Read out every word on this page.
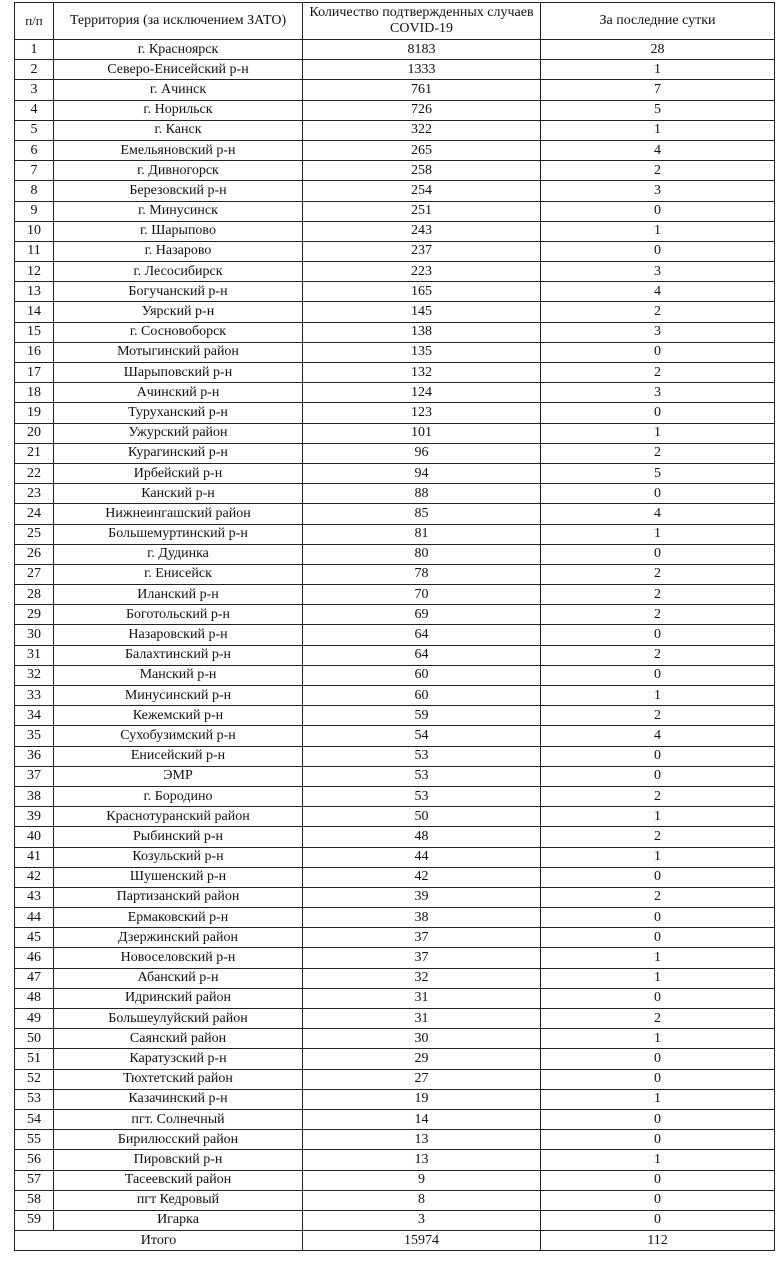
п/п	Территория (за исключением ЗАТО)	Количество подтвержденных случаев COVID-19	За последние сутки
1	г. Красноярск	8183	28
2	Северо-Енисейский р-н	1333	1
3	г. Ачинск	761	7
4	г. Норильск	726	5
5	г. Канск	322	1
6	Емельяновский р-н	265	4
7	г. Дивногорск	258	2
8	Березовский р-н	254	3
9	г. Минусинск	251	0
10	г. Шарыпово	243	1
11	г. Назарово	237	0
12	г. Лесосибирск	223	3
13	Богучанский р-н	165	4
14	Уярский р-н	145	2
15	г. Сосновоборск	138	3
16	Мотыгинский район	135	0
17	Шарыповский р-н	132	2
18	Ачинский р-н	124	3
19	Туруханский р-н	123	0
20	Ужурский район	101	1
21	Курагинский р-н	96	2
22	Ирбейский р-н	94	5
23	Канский р-н	88	0
24	Нижнеингашский район	85	4
25	Большемуртинский р-н	81	1
26	г. Дудинка	80	0
27	г. Енисейск	78	2
28	Иланский р-н	70	2
29	Боготольский р-н	69	2
30	Назаровский р-н	64	0
31	Балахтинский р-н	64	2
32	Манский р-н	60	0
33	Минусинский р-н	60	1
34	Кежемский р-н	59	2
35	Сухобузимский р-н	54	4
36	Енисейский р-н	53	0
37	ЭМР	53	0
38	г. Бородино	53	2
39	Краснотуранский район	50	1
40	Рыбинский р-н	48	2
41	Козульский р-н	44	1
42	Шушенский р-н	42	0
43	Партизанский район	39	2
44	Ермаковский р-н	38	0
45	Дзержинский район	37	0
46	Новоселовский р-н	37	1
47	Абанский р-н	32	1
48	Идринский район	31	0
49	Большеулуйский район	31	2
50	Саянский район	30	1
51	Каратузский р-н	29	0
52	Тюхтетский район	27	0
53	Казачинский р-н	19	1
54	пгт. Солнечный	14	0
55	Бирилюсский район	13	0
56	Пировский р-н	13	1
57	Тасеевский район	9	0
58	пгт Кедровый	8	0
59	Игарка	3	0
Итого		15974	112
